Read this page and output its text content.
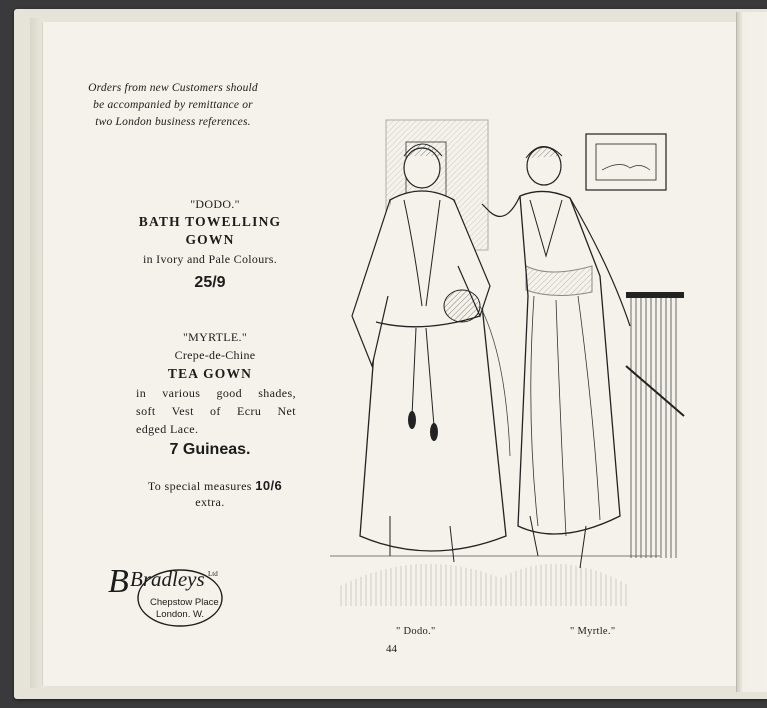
Orders from new Customers should be accompanied by remittance or two London business references.
"DODO."
BATH TOWELLING
GOWN
in Ivory and Pale Colours.
25/9
"MYRTLE."
Crepe-de-Chine
TEA GOWN
in various good shades,
soft Vest of Ecru Net
edged Lace.
7 Guineas.
To special measures 10/6
extra.
B Bradleys Ltd
Chepstow Place
London. W.
" Dodo."	" Myrtle."
44
